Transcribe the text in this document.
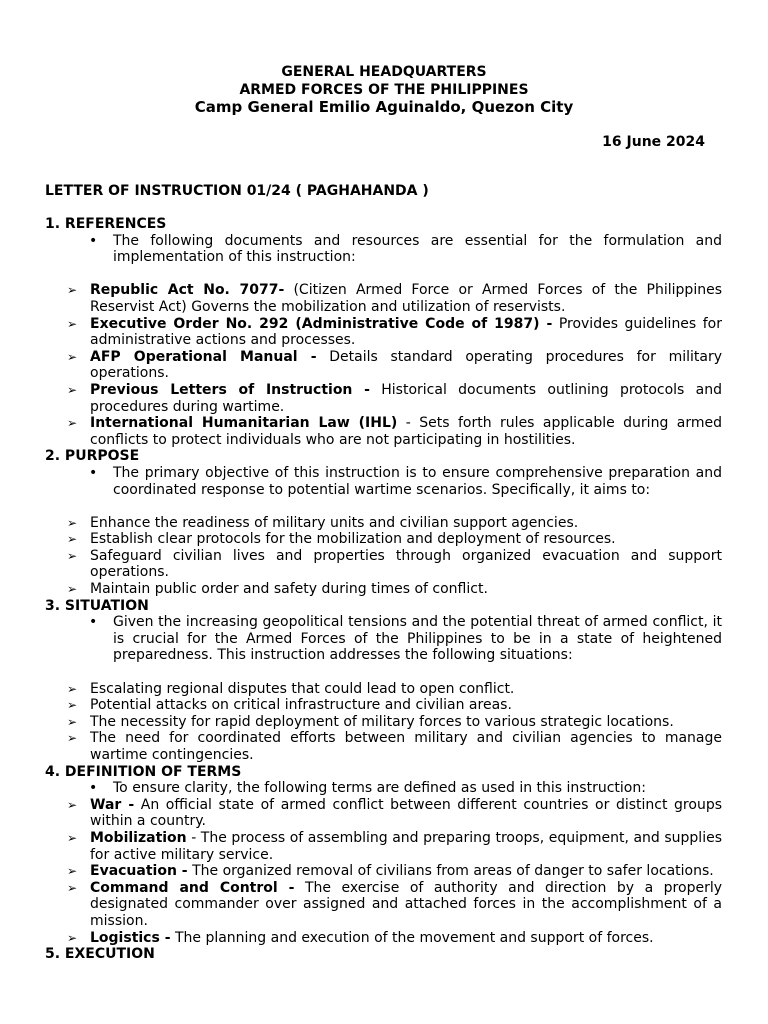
GENERAL HEADQUARTERS
ARMED FORCES OF THE PHILIPPINES
Camp General Emilio Aguinaldo, Quezon City
16 June 2024
LETTER OF INSTRUCTION 01/24 ( PAGHAHANDA )

1. REFERENCES

• The following documents and resources are essential for the formulation and implementation of this instruction:

➢ Republic Act No. 7077- (Citizen Armed Force or Armed Forces of the Philippines Reservist Act) Governs the mobilization and utilization of reservists.

➢ Executive Order No. 292 (Administrative Code of 1987) - Provides guidelines for administrative actions and processes.

➢ AFP Operational Manual - Details standard operating procedures for military operations.

➢ Previous Letters of Instruction - Historical documents outlining protocols and procedures during wartime.

➢ International Humanitarian Law (IHL) - Sets forth rules applicable during armed conflicts to protect individuals who are not participating in hostilities.

2. PURPOSE

• The primary objective of this instruction is to ensure comprehensive preparation and coordinated response to potential wartime scenarios. Specifically, it aims to:

➢ Enhance the readiness of military units and civilian support agencies.

➢ Establish clear protocols for the mobilization and deployment of resources.

➢ Safeguard civilian lives and properties through organized evacuation and support operations.

➢ Maintain public order and safety during times of conflict.

3. SITUATION

• Given the increasing geopolitical tensions and the potential threat of armed conflict, it is crucial for the Armed Forces of the Philippines to be in a state of heightened preparedness. This instruction addresses the following situations:

➢ Escalating regional disputes that could lead to open conflict.

➢ Potential attacks on critical infrastructure and civilian areas.

➢ The necessity for rapid deployment of military forces to various strategic locations.

➢ The need for coordinated efforts between military and civilian agencies to manage wartime contingencies.

4. DEFINITION OF TERMS

• To ensure clarity, the following terms are defined as used in this instruction:

➢ War - An official state of armed conflict between different countries or distinct groups within a country.

➢ Mobilization - The process of assembling and preparing troops, equipment, and supplies for active military service.

➢ Evacuation - The organized removal of civilians from areas of danger to safer locations.

➢ Command and Control - The exercise of authority and direction by a properly designated commander over assigned and attached forces in the accomplishment of a mission.

➢ Logistics - The planning and execution of the movement and support of forces.

5. EXECUTION
